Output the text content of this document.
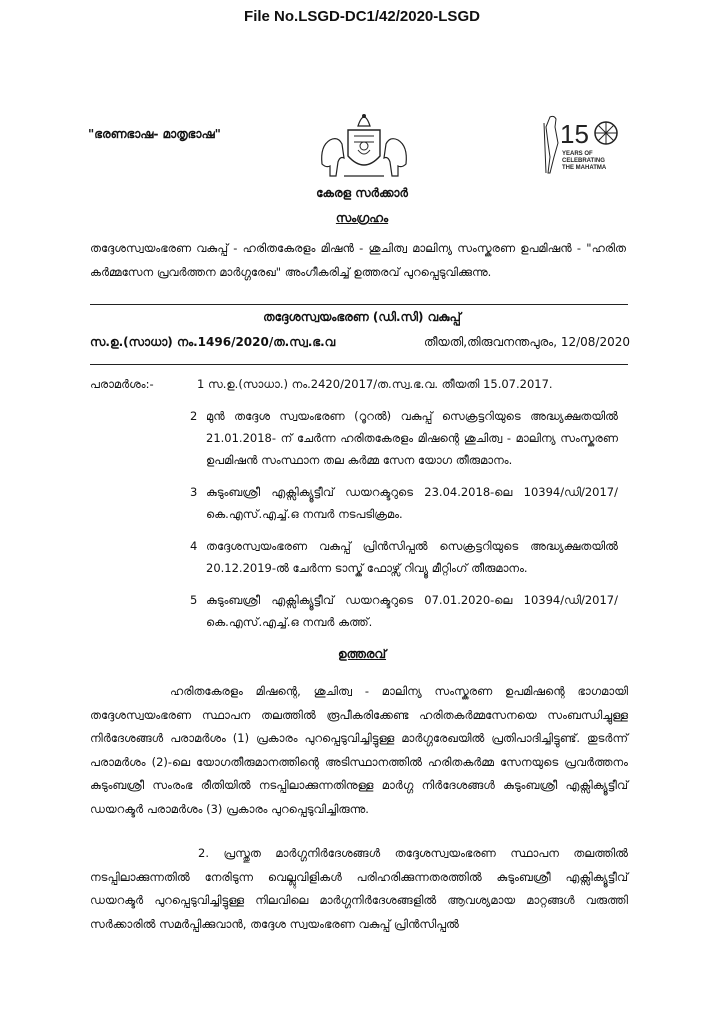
File No.LSGD-DC1/42/2020-LSGD
"ഭരണഭാഷ- മാതൃഭാഷ"	15
YEARS OF
CELEBRATING
THE MAHATMA
കേരള സർക്കാർ
സംഗ്രഹം
തദ്ദേശസ്വയംഭരണ വകുപ്പ് - ഹരിതകേരളം മിഷൻ - ശുചിത്വ മാലിന്യ സംസ്കരണ ഉപമിഷൻ - "ഹരിത കർമ്മസേന പ്രവർത്തന മാർഗ്ഗരേഖ" അംഗീകരിച്ച് ഉത്തരവ് പുറപ്പെടുവിക്കുന്നു.
തദ്ദേശസ്വയംഭരണ (ഡി.സി) വകുപ്പ്
സ.ഉ.(സാധാ) നം.1496/2020/ത.സ്വ.ഭ.വ	തീയതി,തിരുവനന്തപുരം, 12/08/2020
പരാമർശം:-	1
സ.ഉ.(സാധാ.) നം.2420/2017/ത.സ്വ.ഭ.വ. തീയതി 15.07.2017.
2 മുൻ തദ്ദേശ സ്വയംഭരണ (റൂറൽ) വകുപ്പ് സെക്രട്ടറിയുടെ അദ്ധ്യക്ഷതയിൽ 21.01.2018- ന് ചേർന്ന ഹരിതകേരളം മിഷന്റെ ശുചിത്വ - മാലിന്യ സംസ്കരണ ഉപമിഷൻ സംസ്ഥാന തല കർമ്മ സേന യോഗ തീരുമാനം.
3 കുടുംബശ്രീ എക്സിക്യൂട്ടീവ് ഡയറക്ടറുടെ 23.04.2018-ലെ 10394/ഡി/2017/കെ.എസ്.എച്ച്.ഒ നമ്പർ നടപടിക്രമം.
4 തദ്ദേശസ്വയംഭരണ വകുപ്പ് പ്രിൻസിപ്പൽ സെക്രട്ടറിയുടെ അദ്ധ്യക്ഷതയിൽ 20.12.2019-ൽ ചേർന്ന ടാസ്ക് ഫോഴ്സ് റിവ്യൂ മീറ്റിംഗ് തീരുമാനം.
5 കുടുംബശ്രീ എക്സിക്യൂട്ടീവ് ഡയറക്ടറുടെ 07.01.2020-ലെ 10394/ഡി/2017/കെ.എസ്.എച്ച്.ഒ നമ്പർ കത്ത്.
ഉത്തരവ്
ഹരിതകേരളം മിഷന്റെ, ശുചിത്വ - മാലിന്യ സംസ്കരണ ഉപമിഷന്റെ ഭാഗമായി തദ്ദേശസ്വയംഭരണ സ്ഥാപന തലത്തിൽ രൂപീകരിക്കേണ്ട ഹരിതകർമ്മസേനയെ സംബന്ധിച്ചുള്ള നിർദേശങ്ങൾ പരാമർശം (1) പ്രകാരം പുറപ്പെടുവിച്ചിട്ടുള്ള മാർഗ്ഗരേഖയിൽ പ്രതിപാദിച്ചിട്ടുണ്ട്. തുടർന്ന് പരാമർശം (2)-ലെ യോഗതീരുമാനത്തിന്റെ അടിസ്ഥാനത്തിൽ ഹരിതകർമ്മ സേനയുടെ പ്രവർത്തനം കുടുംബശ്രീ സംരംഭ രീതിയിൽ നടപ്പിലാക്കുന്നതിനുള്ള മാർഗ്ഗ നിർദേശങ്ങൾ കുടുംബശ്രീ എക്സിക്യൂട്ടീവ് ഡയറക്ടർ പരാമർശം (3) പ്രകാരം പുറപ്പെടുവിച്ചിരുന്നു.
2. പ്രസ്തുത മാർഗ്ഗനിർദേശങ്ങൾ തദ്ദേശസ്വയംഭരണ സ്ഥാപന തലത്തിൽ നടപ്പിലാക്കുന്നതിൽ നേരിടുന്ന വെല്ലുവിളികൾ പരിഹരിക്കുന്നതരത്തിൽ കുടുംബശ്രീ എക്സിക്യൂട്ടീവ് ഡയറക്ടർ പുറപ്പെടുവിച്ചിട്ടുള്ള നിലവിലെ മാർഗ്ഗനിർദേശങ്ങളിൽ ആവശ്യമായ മാറ്റങ്ങൾ വരുത്തി സർക്കാരിൽ സമർപ്പിക്കുവാൻ, തദ്ദേശ സ്വയംഭരണ വകുപ്പ് പ്രിൻസിപ്പൽ
